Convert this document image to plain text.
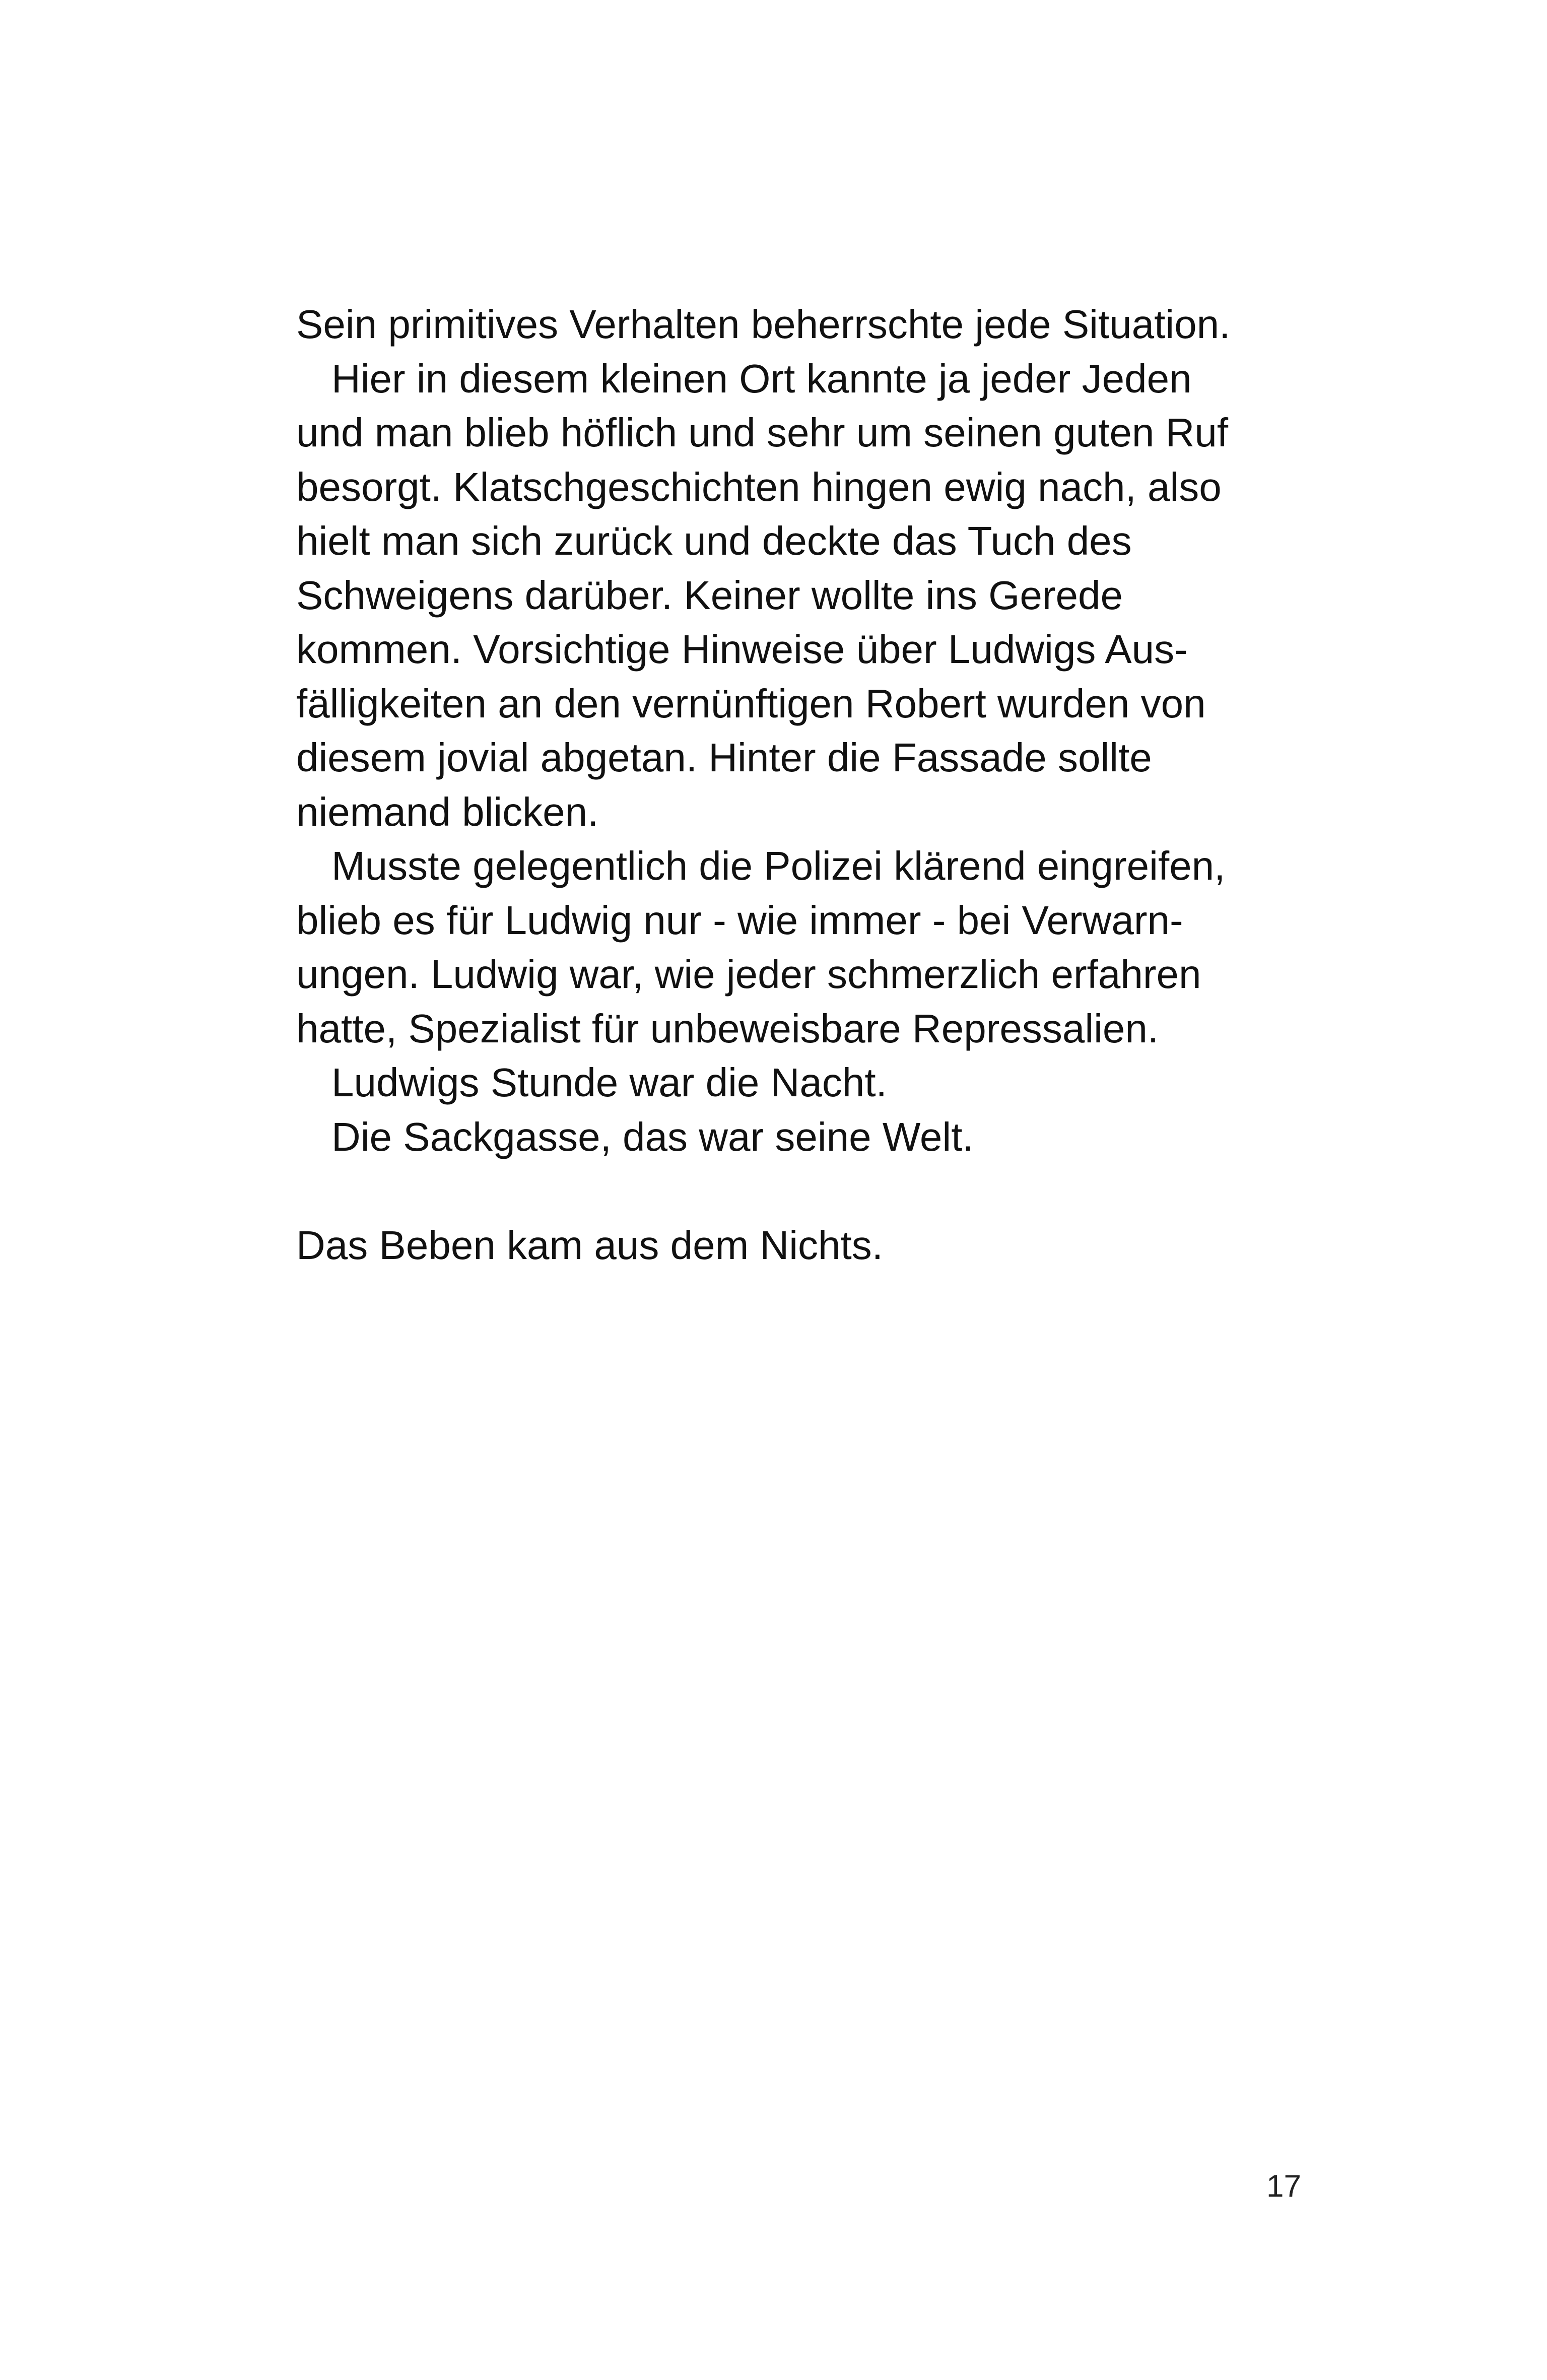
Sein primitives Verhalten beherrschte jede Situation.
Hier in diesem kleinen Ort kannte ja jeder Jeden
und man blieb höflich und sehr um seinen guten Ruf
besorgt. Klatschgeschichten hingen ewig nach, also
hielt man sich zurück und deckte das Tuch des
Schweigens darüber. Keiner wollte ins Gerede
kommen. Vorsichtige Hinweise über Ludwigs Aus-
fälligkeiten an den vernünftigen Robert wurden von
diesem jovial abgetan. Hinter die Fassade sollte
niemand blicken.
Musste gelegentlich die Polizei klärend eingreifen,
blieb es für Ludwig nur - wie immer - bei Verwarn-
ungen. Ludwig war, wie jeder schmerzlich erfahren
hatte, Spezialist für unbeweisbare Repressalien.
Ludwigs Stunde war die Nacht.
Die Sackgasse, das war seine Welt.
Das Beben kam aus dem Nichts.
17
